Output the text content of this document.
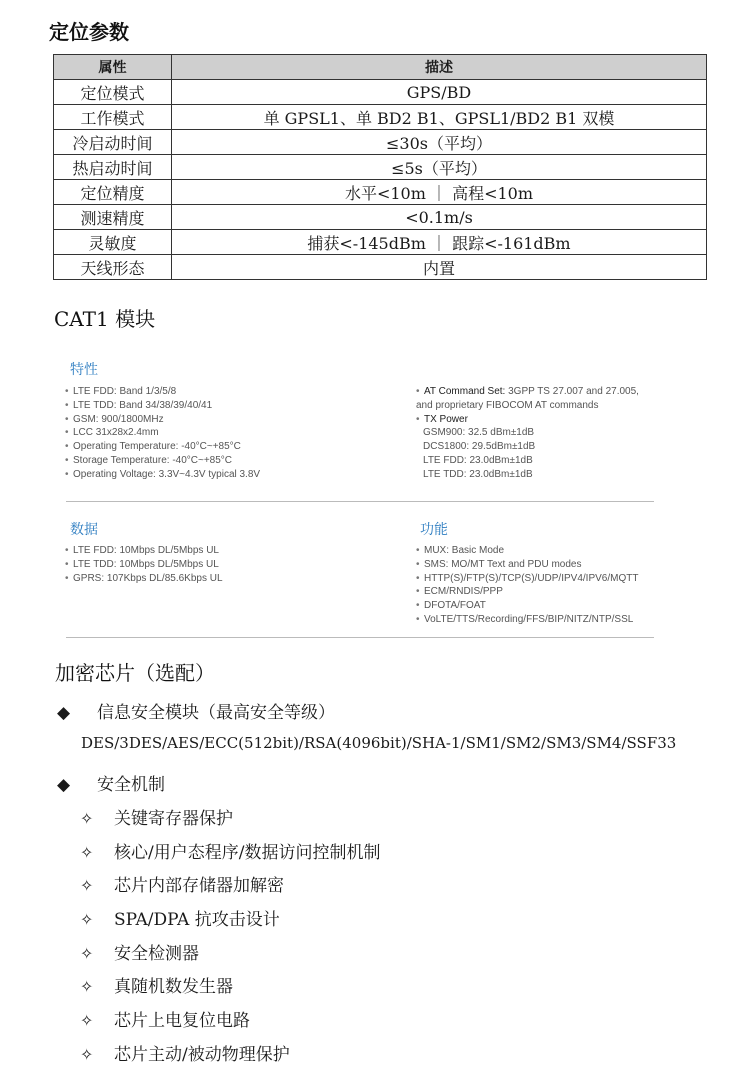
定位参数
属性	描述
定位模式	GPS/BD
工作模式	单 GPSL1、单 BD2 B1、GPSL1/BD2 B1 双模
冷启动时间	≤30s（平均）
热启动时间	≤5s（平均）
定位精度	水平<10m ｜ 高程<10m
测速精度	<0.1m/s
灵敏度	捕获<-145dBm ｜ 跟踪<-161dBm
天线形态	内置
CAT1 模块
特性
• LTE FDD: Band 1/3/5/8
• LTE TDD: Band 34/38/39/40/41
• GSM: 900/1800MHz
• LCC 31x28x2.4mm
• Operating Temperature: -40°C~+85°C
• Storage Temperature: -40°C~+85°C
• Operating Voltage: 3.3V~4.3V typical 3.8V
• AT Command Set: 3GPP TS 27.007 and 27.005,
and proprietary FIBOCOM AT commands
• TX Power
GSM900: 32.5 dBm±1dB
DCS1800: 29.5dBm±1dB
LTE FDD: 23.0dBm±1dB
LTE TDD: 23.0dBm±1dB
数据
• LTE FDD: 10Mbps DL/5Mbps UL
• LTE TDD: 10Mbps DL/5Mbps UL
• GPRS: 107Kbps DL/85.6Kbps UL
功能
• MUX: Basic Mode
• SMS: MO/MT Text and PDU modes
• HTTP(S)/FTP(S)/TCP(S)/UDP/IPV4/IPV6/MQTT
• ECM/RNDIS/PPP
• DFOTA/FOAT
• VoLTE/TTS/Recording/FFS/BIP/NITZ/NTP/SSL
加密芯片（选配）
◆ 信息安全模块（最高安全等级）
DES/3DES/AES/ECC(512bit)/RSA(4096bit)/SHA-1/SM1/SM2/SM3/SM4/SSF33
◆ 安全机制
✧ 关键寄存器保护
✧ 核心/用户态程序/数据访问控制机制
✧ 芯片内部存储器加解密
✧ SPA/DPA 抗攻击设计
✧ 安全检测器
✧ 真随机数发生器
✧ 芯片上电复位电路
✧ 芯片主动/被动物理保护
